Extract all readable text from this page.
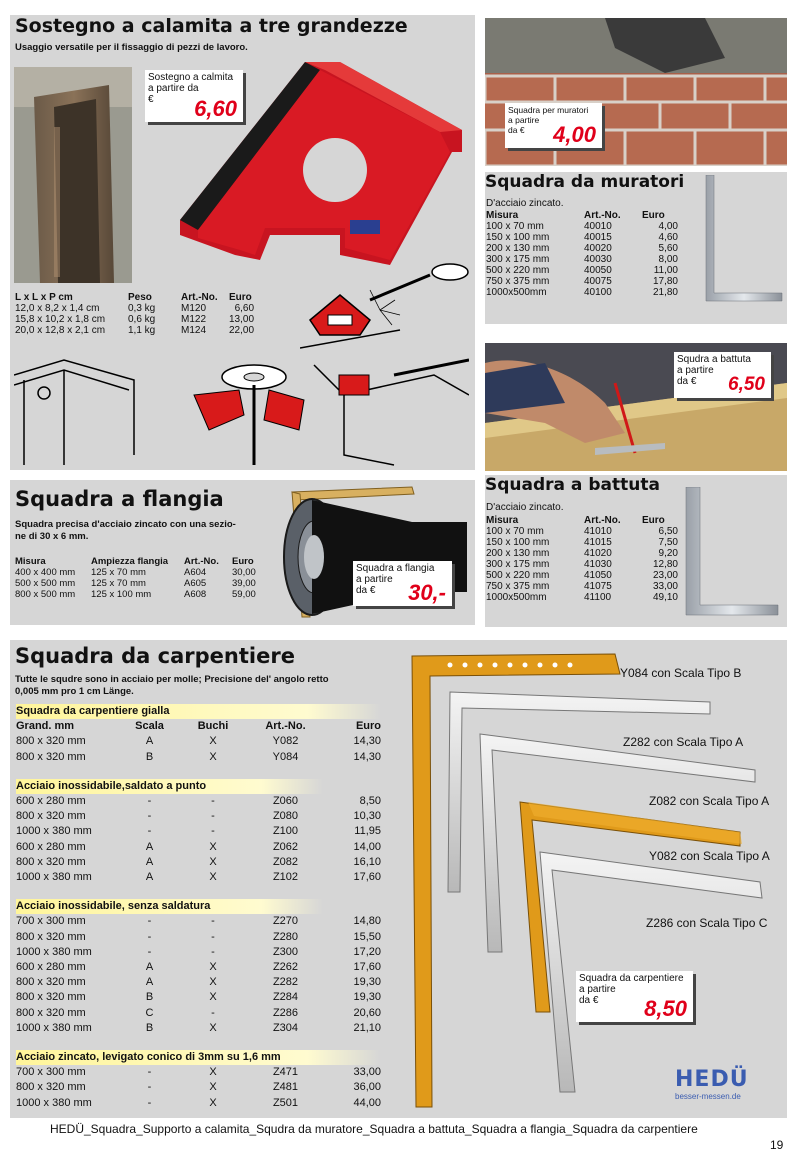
Sostegno a calamita a tre grandezze
Usaggio versatile per il fissaggio di pezzi de lavoro.
Sostegno a calmita
a partire da
€	6,60
L x L x P cm	Peso	Art.-No.	Euro
12,0 x 8,2 x 1,4 cm	0,3 kg	M120	6,60
15,8 x 10,2 x 1,8 cm	0,6 kg	M122	13,00
20,0 x 12,8 x 2,1 cm	1,1 kg	M124	22,00
Squadra per muratori
a partire
da €	4,00
Squadra da muratori
D'acciaio zincato.
Misura	Art.-No.	Euro
100 x 70 mm	40010	4,00
150 x 100 mm	40015	4,60
200 x 130 mm	40020	5,60
300 x 175 mm	40030	8,00
500 x 220 mm	40050	11,00
750 x 375 mm	40075	17,80
1000x500mm	40100	21,80
Squdra a battuta
a partire
da €	6,50
Squadra a battuta
D'acciaio zincato.
Misura	Art.-No.	Euro
100 x 70 mm	41010	6,50
150 x 100 mm	41015	7,50
200 x 130 mm	41020	9,20
300 x 175 mm	41030	12,80
500 x 220 mm	41050	23,00
750 x 375 mm	41075	33,00
1000x500mm	41100	49,10
Squadra a flangia
Squadra precisa d'acciaio zincato con una sezio-
ne di 30 x 6 mm.
Misura	Ampiezza flangia	Art.-No.	Euro
400 x 400 mm	125 x 70 mm	A604	30,00
500 x 500 mm	125 x 70 mm	A605	39,00
800 x 500 mm	125 x 100 mm	A608	59,00
Squadra a flangia
a partire
da €	30,-
Squadra da carpentiere
Tutte le squdre sono in acciaio per molle; Precisione del' angolo retto
0,005 mm pro 1 cm Länge.
Squadra da carpentiere gialla				
Grand. mm	Scala	Buchi	Art.-No.	Euro
800 x 320 mm	A	X	Y082	14,30
800 x 320 mm	B	X	Y084	14,30

Acciaio inossidabile,saldato a punto				
600 x 280 mm	-	-	Z060	8,50
800 x 320 mm	-	-	Z080	10,30
1000 x 380 mm	-	-	Z100	11,95
600 x 280 mm	A	X	Z062	14,00
800 x 320 mm	A	X	Z082	16,10
1000 x 380 mm	A	X	Z102	17,60

Acciaio inossidabile, senza saldatura				
700 x 300 mm	-	-	Z270	14,80
800 x 320 mm	-	-	Z280	15,50
1000 x 380 mm	-	-	Z300	17,20
600 x 280 mm	A	X	Z262	17,60
800 x 320 mm	A	X	Z282	19,30
800 x 320 mm	B	X	Z284	19,30
800 x 320 mm	C	-	Z286	20,60
1000 x 380 mm	B	X	Z304	21,10

Acciaio zincato, levigato conico di 3mm su 1,6 mm				
700 x 300 mm	-	X	Z471	33,00
800 x 320 mm	-	X	Z481	36,00
1000 x 380 mm	-	X	Z501	44,00
Y084 con Scala Tipo B
Z282 con Scala Tipo A
Z082 con Scala Tipo A
Y082 con Scala Tipo A
Z286 con Scala Tipo C
Squadra da carpentiere
a partire
da €	8,50
HEDÜ
besser-messen.de
HEDÜ_Squadra_Supporto a calamita_Squdra da muratore_Squadra a battuta_Squadra a flangia_Squadra da carpentiere
19
